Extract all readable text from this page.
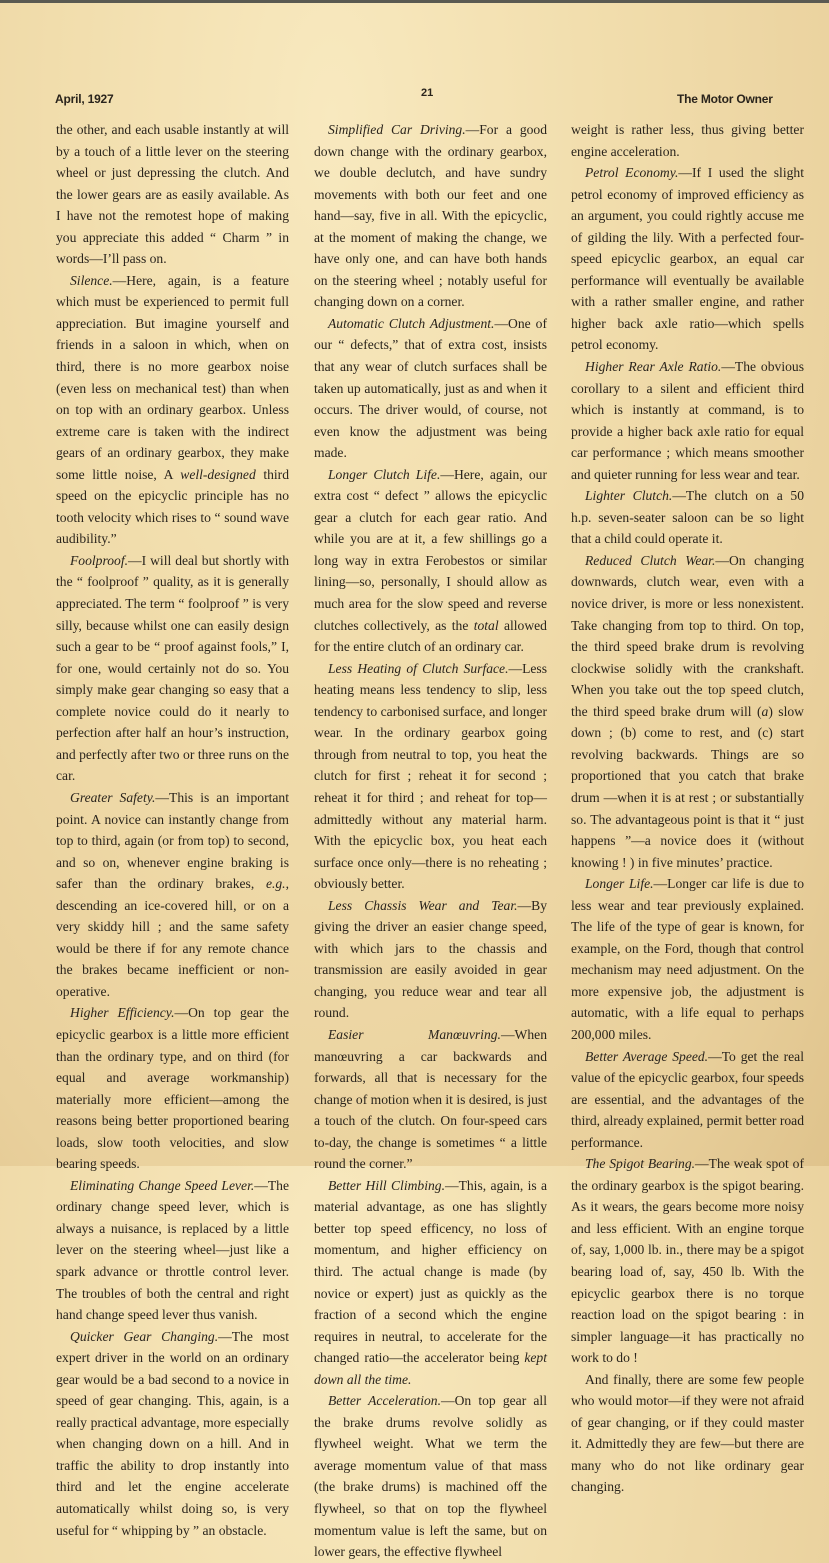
April, 1927	21	The Motor Owner

the other, and each usable instantly at will by a touch of a little lever on the steering wheel or just depressing the clutch. And the lower gears are as easily available. As I have not the remotest hope of making you appreciate this added “ Charm ” in words—I’ll pass on.

Silence.—Here, again, is a feature which must be experienced to permit full appreciation. But imagine yourself and friends in a saloon in which, when on third, there is no more gearbox noise (even less on mechanical test) than when on top with an ordinary gearbox. Unless extreme care is taken with the indirect gears of an ordinary gearbox, they make some little noise, A well-designed third speed on the epicyclic principle has no tooth velocity which rises to “ sound wave audibility.”

Foolproof.—I will deal but shortly with the “ foolproof ” quality, as it is generally appreciated. The term “ foolproof ” is very silly, because whilst one can easily design such a gear to be “ proof against fools,” I, for one, would certainly not do so. You simply make gear changing so easy that a complete novice could do it nearly to perfection after half an hour’s instruction, and perfectly after two or three runs on the car.

Greater Safety.—This is an important point. A novice can instantly change from top to third, again (or from top) to second, and so on, whenever engine braking is safer than the ordinary brakes, e.g., descending an ice-covered hill, or on a very skiddy hill ; and the same safety would be there if for any remote chance the brakes became inefficient or non-operative.

Higher Efficiency.—On top gear the epicyclic gearbox is a little more efficient than the ordinary type, and on third (for equal and average workmanship) materially more efficient—among the reasons being better proportioned bearing loads, slow tooth velocities, and slow bearing speeds.

Eliminating Change Speed Lever.—The ordinary change speed lever, which is always a nuisance, is replaced by a little lever on the steering wheel—just like a spark advance or throttle control lever. The troubles of both the central and right hand change speed lever thus vanish.

Quicker Gear Changing.—The most expert driver in the world on an ordinary gear would be a bad second to a novice in speed of gear changing. This, again, is a really practical advantage, more especially when changing down on a hill. And in traffic the ability to drop instantly into third and let the engine accelerate automatically whilst doing so, is very useful for “ whipping by ” an obstacle.

Simplified Car Driving.—For a good down change with the ordinary gearbox, we double declutch, and have sundry movements with both our feet and one hand—say, five in all. With the epicyclic, at the moment of making the change, we have only one, and can have both hands on the steering wheel ; notably useful for changing down on a corner.

Automatic Clutch Adjustment.—One of our “ defects,” that of extra cost, insists that any wear of clutch surfaces shall be taken up automatically, just as and when it occurs. The driver would, of course, not even know the adjustment was being made.

Longer Clutch Life.—Here, again, our extra cost “ defect ” allows the epicyclic gear a clutch for each gear ratio. And while you are at it, a few shillings go a long way in extra Ferobestos or similar lining—so, personally, I should allow as much area for the slow speed and reverse clutches collectively, as the total allowed for the entire clutch of an ordinary car.

Less Heating of Clutch Surface.—Less heating means less tendency to slip, less tendency to carbonised surface, and longer wear. In the ordinary gearbox going through from neutral to top, you heat the clutch for first ; reheat it for second ; reheat it for third ; and reheat for top—admittedly without any material harm. With the epicyclic box, you heat each surface once only—there is no reheating ; obviously better.

Less Chassis Wear and Tear.—By giving the driver an easier change speed, with which jars to the chassis and transmission are easily avoided in gear changing, you reduce wear and tear all round.

Easier Manœuvring.—When manœuvring a car backwards and forwards, all that is necessary for the change of motion when it is desired, is just a touch of the clutch. On four-speed cars to-day, the change is sometimes “ a little round the corner.”

Better Hill Climbing.—This, again, is a material advantage, as one has slightly better top speed efficency, no loss of momentum, and higher efficiency on third. The actual change is made (by novice or expert) just as quickly as the fraction of a second which the engine requires in neutral, to accelerate for the changed ratio—the accelerator being kept down all the time.

Better Acceleration.—On top gear all the brake drums revolve solidly as flywheel weight. What we term the average momentum value of that mass (the brake drums) is machined off the flywheel, so that on top the flywheel momentum value is left the same, but on lower gears, the effective flywheel

weight is rather less, thus giving better engine acceleration.

Petrol Economy.—If I used the slight petrol economy of improved efficiency as an argument, you could rightly accuse me of gilding the lily. With a perfected four-speed epicyclic gearbox, an equal car performance will eventually be available with a rather smaller engine, and rather higher back axle ratio—which spells petrol economy.

Higher Rear Axle Ratio.—The obvious corollary to a silent and efficient third which is instantly at command, is to provide a higher back axle ratio for equal car performance ; which means smoother and quieter running for less wear and tear.

Lighter Clutch.—The clutch on a 50 h.p. seven-seater saloon can be so light that a child could operate it.

Reduced Clutch Wear.—On changing downwards, clutch wear, even with a novice driver, is more or less nonexistent. Take changing from top to third. On top, the third speed brake drum is revolving clockwise solidly with the crankshaft. When you take out the top speed clutch, the third speed brake drum will (a) slow down ; (b) come to rest, and (c) start revolving backwards. Things are so proportioned that you catch that brake drum —when it is at rest ; or substantially so. The advantageous point is that it “ just happens ”—a novice does it (without knowing ! ) in five minutes’ practice.

Longer Life.—Longer car life is due to less wear and tear previously explained. The life of the type of gear is known, for example, on the Ford, though that control mechanism may need adjustment. On the more expensive job, the adjustment is automatic, with a life equal to perhaps 200,000 miles.

Better Average Speed.—To get the real value of the epicyclic gearbox, four speeds are essential, and the advantages of the third, already explained, permit better road performance.

The Spigot Bearing.—The weak spot of the ordinary gearbox is the spigot bearing. As it wears, the gears become more noisy and less efficient. With an engine torque of, say, 1,000 lb. in., there may be a spigot bearing load of, say, 450 lb. With the epicyclic gearbox there is no torque reaction load on the spigot bearing : in simpler language—it has practically no work to do !

And finally, there are some few people who would motor—if they were not afraid of gear changing, or if they could master it. Admittedly they are few—but there are many who do not like ordinary gear changing.
